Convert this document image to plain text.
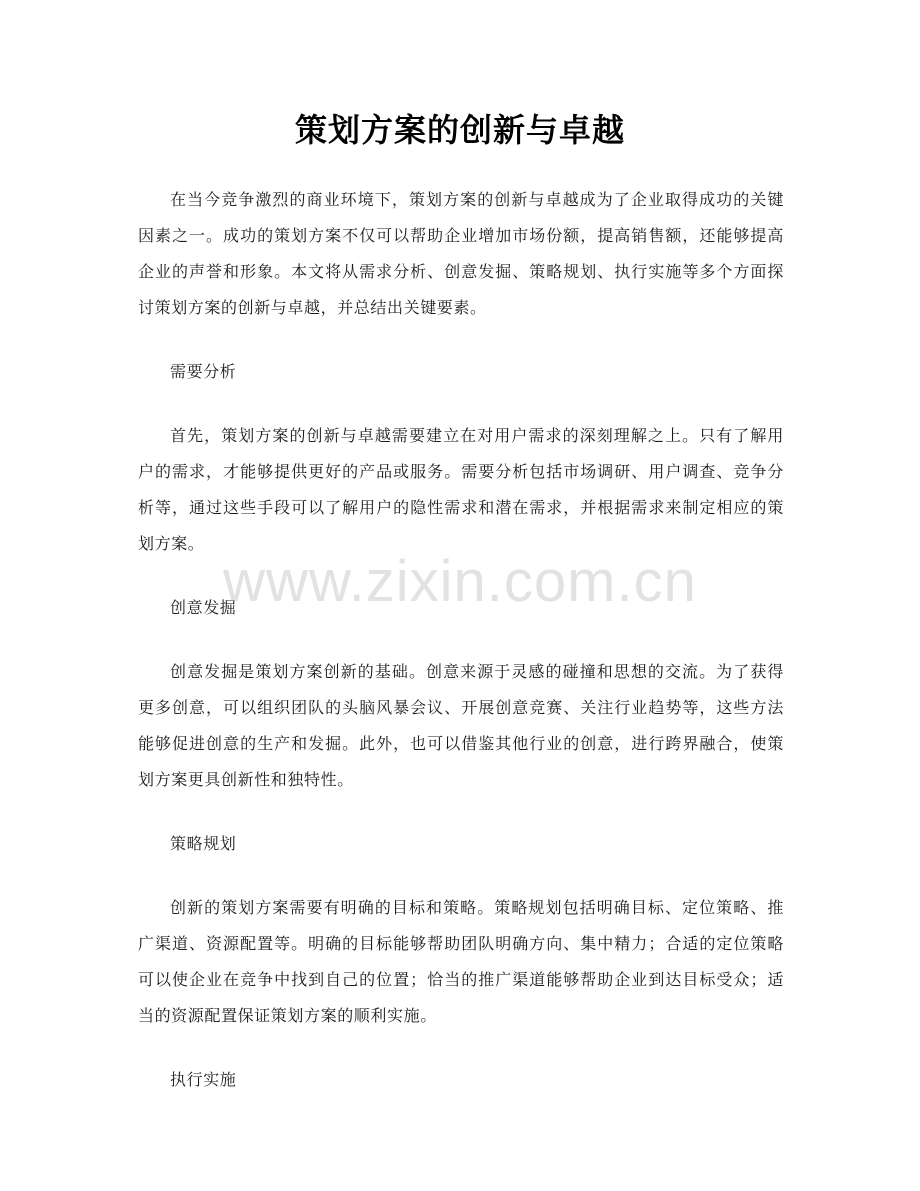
策划方案的创新与卓越

在当今竞争激烈的商业环境下，策划方案的创新与卓越成为了企业取得成功的关键因素之一。成功的策划方案不仅可以帮助企业增加市场份额，提高销售额，还能够提高企业的声誉和形象。本文将从需求分析、创意发掘、策略规划、执行实施等多个方面探讨策划方案的创新与卓越，并总结出关键要素。

需要分析

首先，策划方案的创新与卓越需要建立在对用户需求的深刻理解之上。只有了解用户的需求，才能够提供更好的产品或服务。需要分析包括市场调研、用户调查、竞争分析等，通过这些手段可以了解用户的隐性需求和潜在需求，并根据需求来制定相应的策划方案。

创意发掘

创意发掘是策划方案创新的基础。创意来源于灵感的碰撞和思想的交流。为了获得更多创意，可以组织团队的头脑风暴会议、开展创意竞赛、关注行业趋势等，这些方法能够促进创意的生产和发掘。此外，也可以借鉴其他行业的创意，进行跨界融合，使策划方案更具创新性和独特性。

策略规划

创新的策划方案需要有明确的目标和策略。策略规划包括明确目标、定位策略、推广渠道、资源配置等。明确的目标能够帮助团队明确方向、集中精力；合适的定位策略可以使企业在竞争中找到自己的位置；恰当的推广渠道能够帮助企业到达目标受众；适当的资源配置保证策划方案的顺利实施。

执行实施

www.zixin.com.cn
